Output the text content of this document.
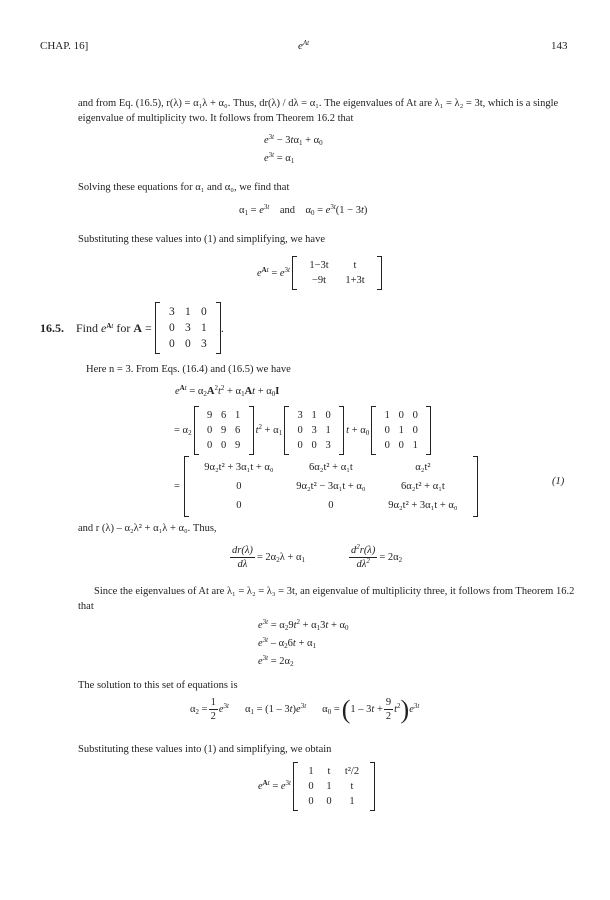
CHAP. 16]	$e^{At}$	143
and from Eq. (16.5), r(λ) = α₁λ + α₀. Thus, dr(λ) / dλ = α₁. The eigenvalues of At are λ₁ = λ₂ = 3t, which is a single
eigenvalue of multiplicity two. It follows from Theorem 16.2 that
$e^{3t} - 3t\alpha_1 + \alpha_0$
$e^{3t} = \alpha_1$
Solving these equations for α₁ and α₀, we find that
$\alpha_1 = e^{3t}$ and    $\alpha_0 = e^{3t}(1 - 3t)$
Substituting these values into (1) and simplifying, we have
$e^{At} = e^{3t}$	1−3t	t
−9t	1+3t
16.5. Find $e^{At}$ for A =
3 1 0
0 3 1
0 0 3
.
Here n = 3. From Eqs. (16.4) and (16.5) we have
$e^{At} = \alpha_2A^2t^2 + \alpha_1At + \alpha_0I$
= $\alpha_2$
9 6 1
0 9 6
0 0 9
$t^2 + \alpha_1$
3 1 0
0 3 1
0 0 3
$t + \alpha_0$
1 0 0
0 1 0
0 0 1
=
9α₂t² + 3α₁t + α₀	6α₂t² + α₁t	α₂t²
0	9α₂t² − 3α₁t + α₀	6α₂t² + α₁t
0	0	9α₂t² + 3α₁t + α₀
(1)
and r (λ) – α₂λ² + α₁λ + α₀. Thus,
$\frac{dr(\lambda)}{d\lambda} = 2\alpha_2\lambda + \alpha_1$	$\frac{d^2r(\lambda)}{d\lambda^2} = 2\alpha_2$
Since the eigenvalues of At are λ₁ = λ₂ = λ₃ = 3t, an eigenvalue of multiplicity three, it follows from Theorem 16.2
that
$e^{3t} = \alpha_29t^2 + \alpha_13t + \alpha_0$
$e^{3t} - \alpha_26t + \alpha_1$
$e^{3t} = 2\alpha_2$
The solution to this set of equations is
$\alpha_2 = \frac{1}{2} e^{3t}$ $\alpha_1 = (1 - 3t)e^{3t}$ $\alpha_0$ = ( $1 - 3t + \frac{9}{2} t^2$ ) $e^{3t}$
Substituting these values into (1) and simplifying, we obtain
$e^{At} = e^{3t}$
1	t	t²/2
0	1	t
0	0	1
